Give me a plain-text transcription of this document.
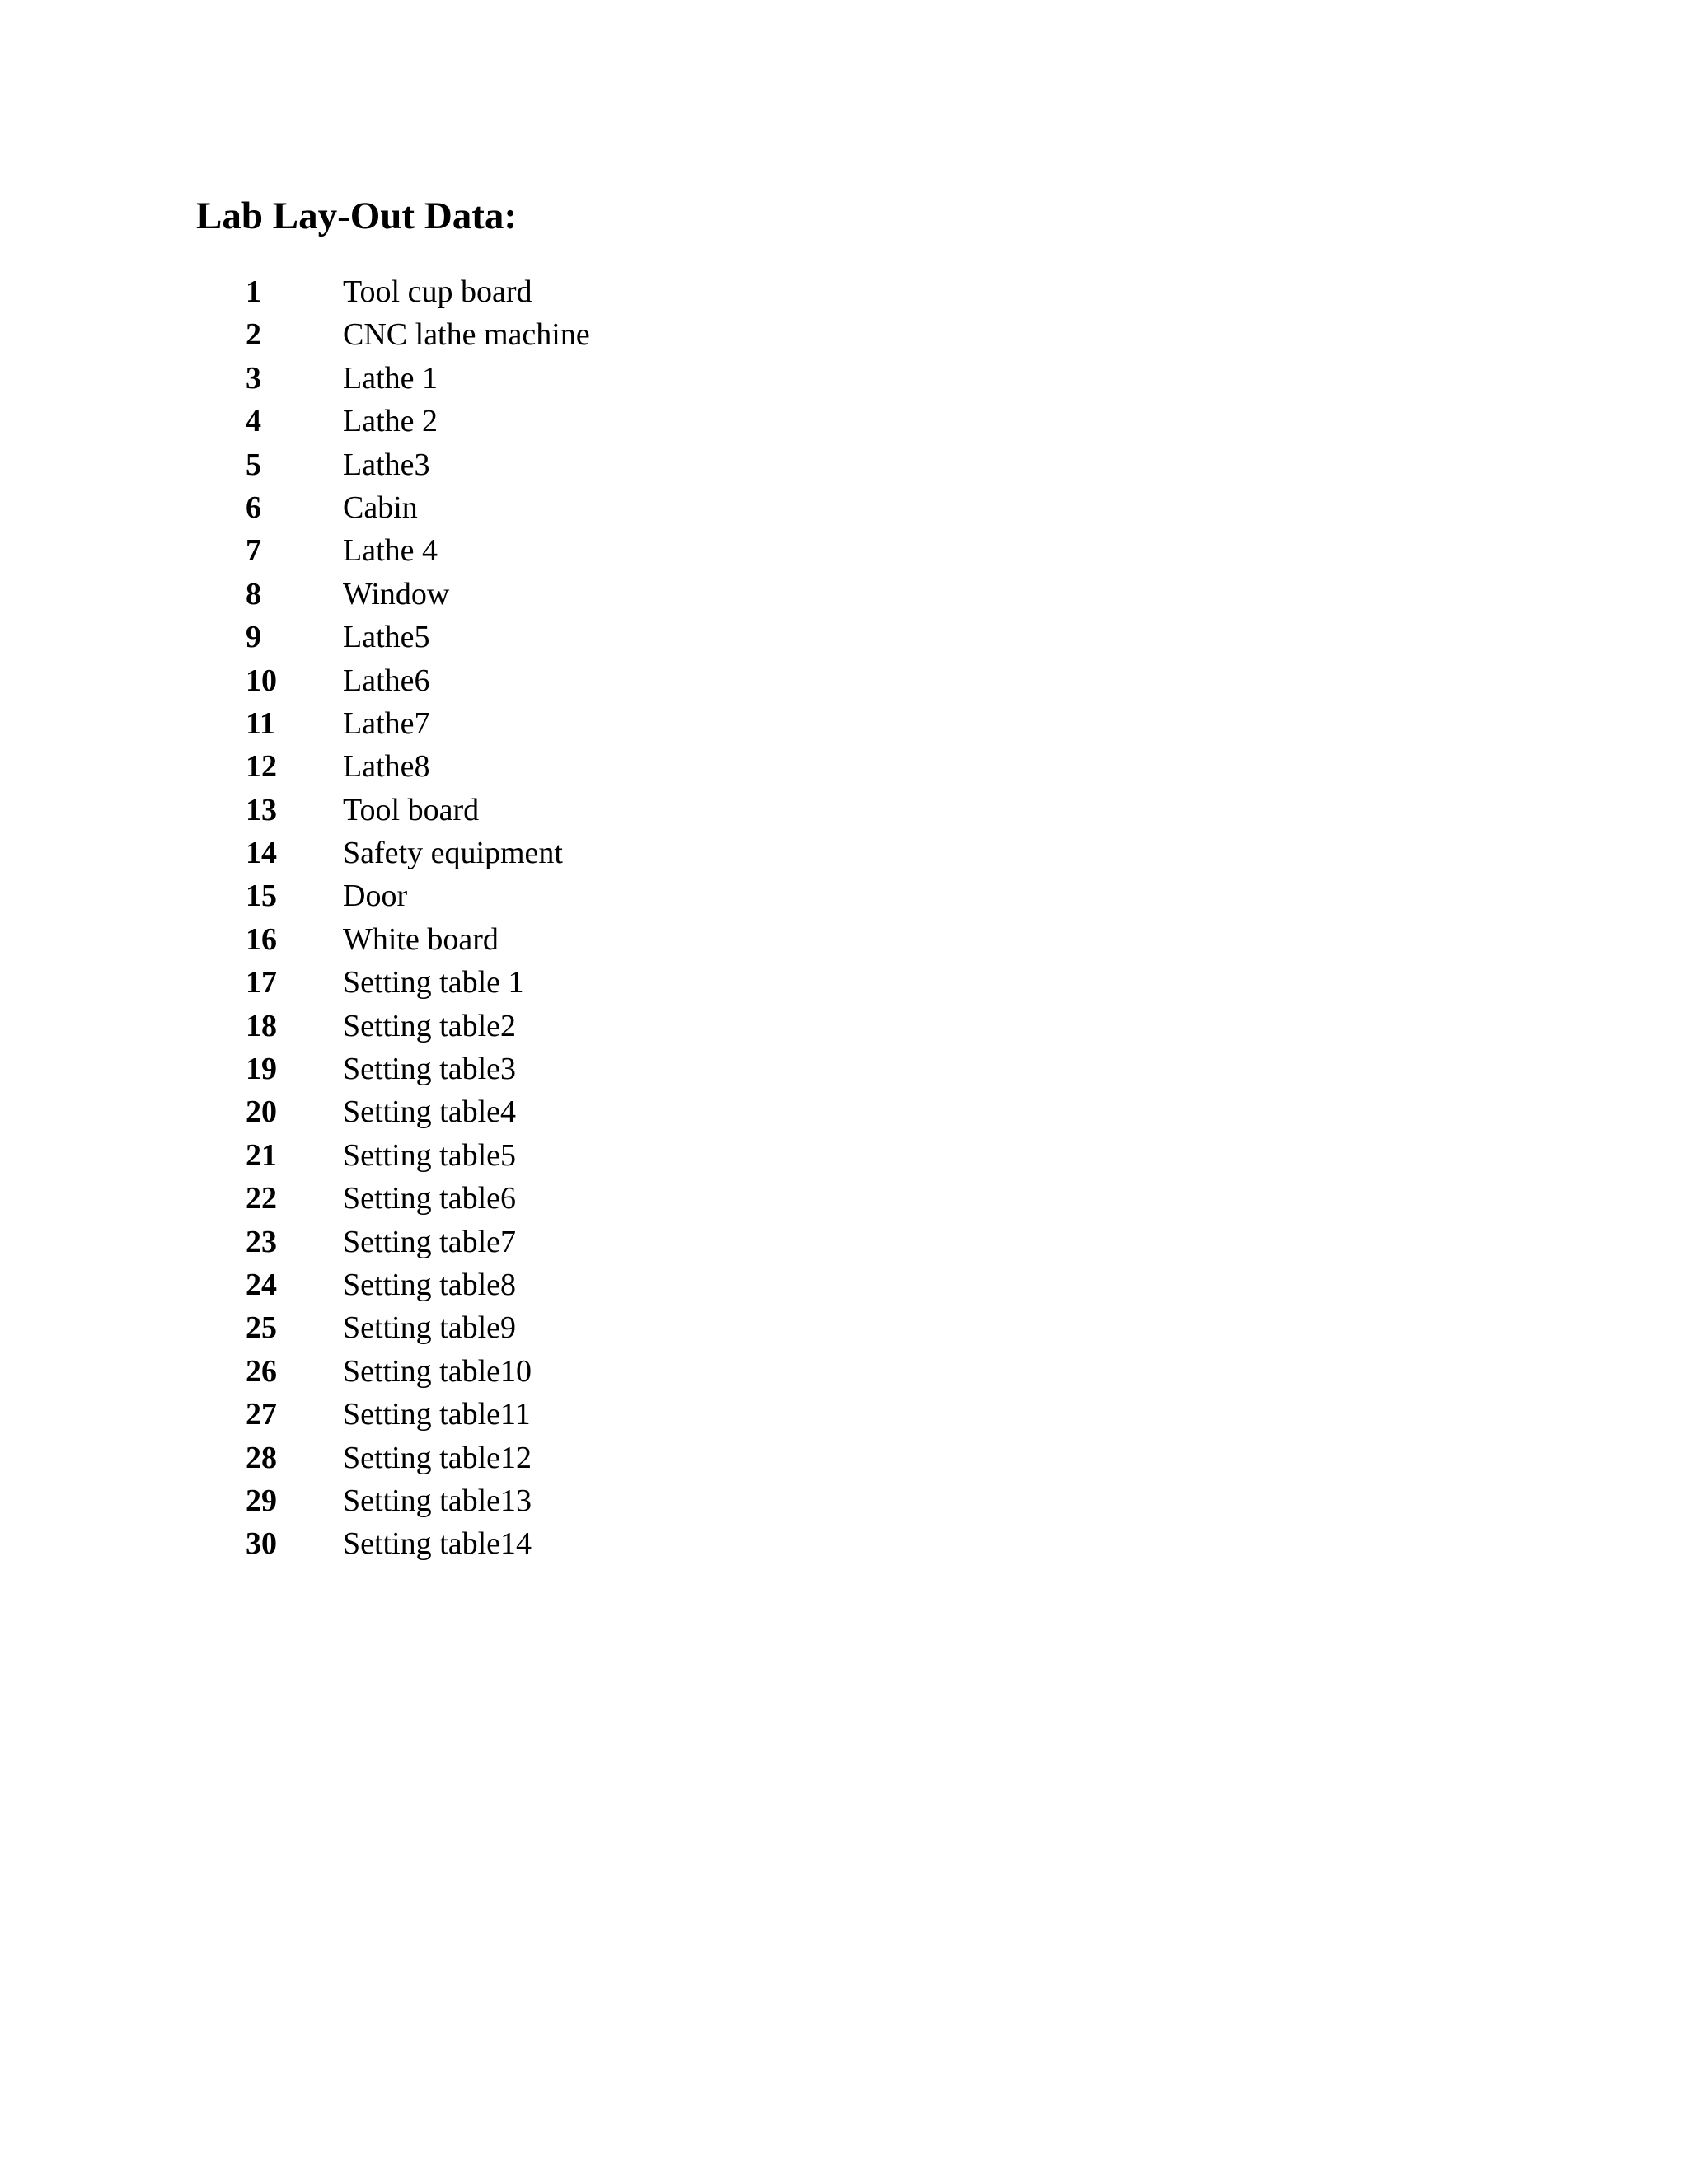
Lab Lay-Out Data:
1	Tool cup board
2	CNC lathe machine
3	Lathe 1
4	Lathe 2
5	Lathe3
6	Cabin
7	Lathe 4
8	Window
9	Lathe5
10	Lathe6
11	Lathe7
12	Lathe8
13	Tool board
14	Safety equipment
15	Door
16	White board
17	Setting table 1
18	Setting table2
19	Setting table3
20	Setting table4
21	Setting table5
22	Setting table6
23	Setting table7
24	Setting table8
25	Setting table9
26	Setting table10
27	Setting table11
28	Setting table12
29	Setting table13
30	Setting table14
